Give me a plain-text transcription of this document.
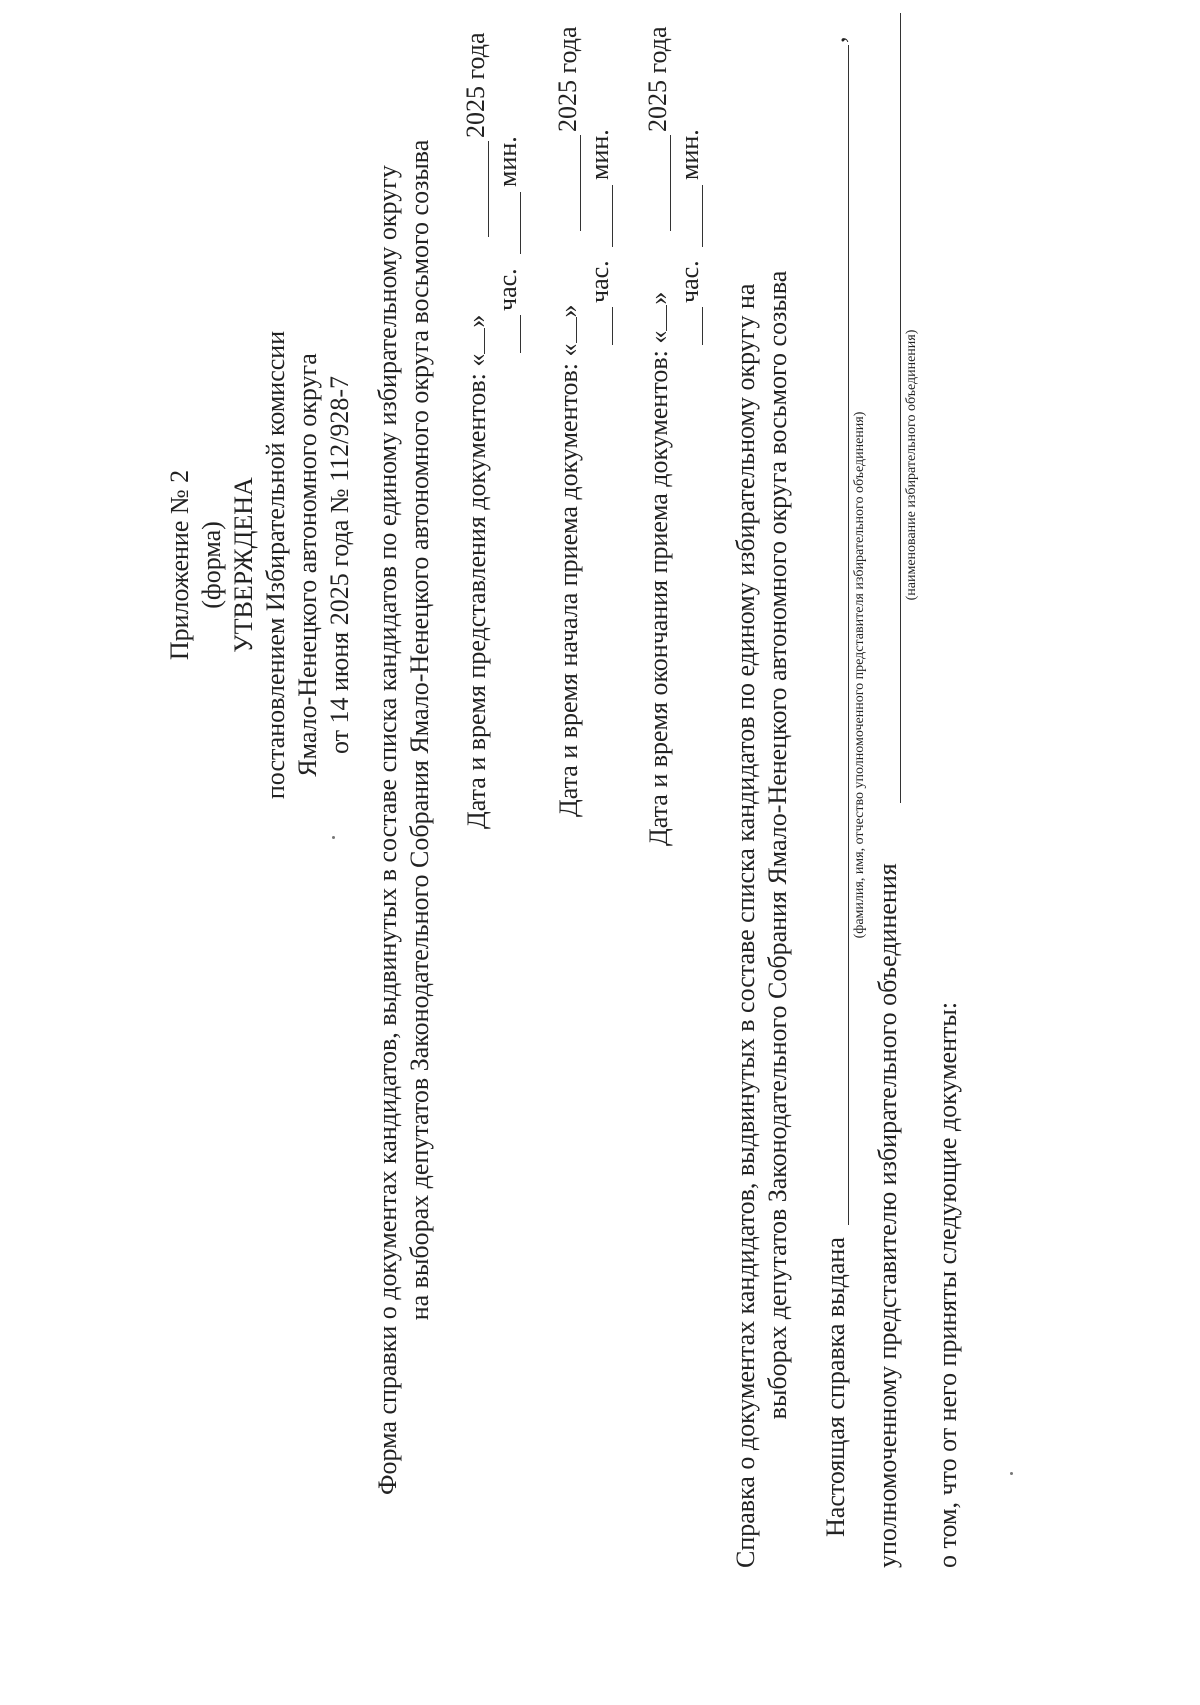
Приложение № 2 (форма) УТВЕРЖДЕНА постановлением Избирательной комиссии Ямало-Ненецкого автономного округа от 14 июня 2025 года № 112/928-7 Форма справки о документах кандидатов, выдвинутых в составе списка кандидатов по единому избирательному округу на выборах депутатов Законодательного Собрания Ямало-Ненецкого автономного округа восьмого созыва Дата и время представления документов: «»
2025 года
час.
мин.
Дата и время начала приема документов: «»
2025 года
час.
мин.
Дата и время окончания приема документов: «»
2025 года
час.
мин.
Справка о документах кандидатов, выдвинутых в составе списка кандидатов по единому избирательному округу на выборах депутатов Законодательного Собрания Ямало-Ненецкого автономного округа восьмого созыва Настоящая справка выдана
,
(фамилия, имя, отчество уполномоченного представителя избирательного объединения)
уполномоченному представителю избирательного объединения
(наименование избирательного объединения)
о том, что от него приняты следующие документы:
